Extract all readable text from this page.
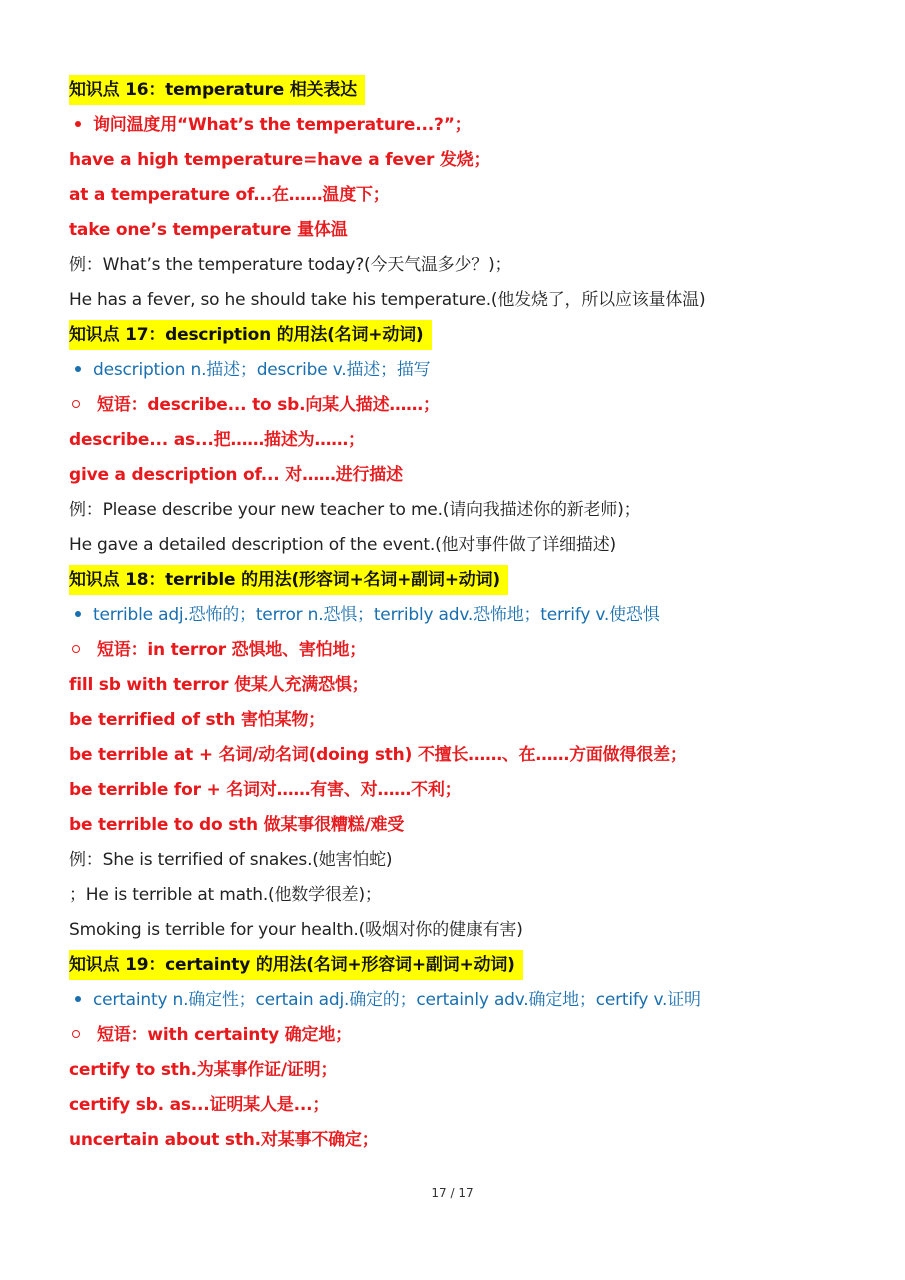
知识点 16：temperature 相关表达
询问温度用“What’s the temperature...?”；
have a high temperature=have a fever 发烧；
at a temperature of...在……温度下；
take one’s temperature 量体温
例：What’s the temperature today?(今天气温多少？)；
He has a fever, so he should take his temperature.(他发烧了，所以应该量体温)
知识点 17：description 的用法(名词+动词)
description n.描述；describe v.描述；描写
短语：describe... to sb.向某人描述……；
describe... as...把……描述为……；
give a description of... 对……进行描述
例：Please describe your new teacher to me.(请向我描述你的新老师)；
He gave a detailed description of the event.(他对事件做了详细描述)
知识点 18：terrible 的用法(形容词+名词+副词+动词)
terrible adj.恐怖的；terror n.恐惧；terribly adv.恐怖地；terrify v.使恐惧
短语：in terror 恐惧地、害怕地；
fill sb with terror 使某人充满恐惧；
be terrified of sth 害怕某物；
be terrible at + 名词/动名词(doing sth) 不擅长……、在……方面做得很差；
be terrible for + 名词对……有害、对……不利；
be terrible to do sth 做某事很糟糕/难受
例：She is terrified of snakes.(她害怕蛇)
；He is terrible at math.(他数学很差)；
Smoking is terrible for your health.(吸烟对你的健康有害)
知识点 19：certainty 的用法(名词+形容词+副词+动词)
certainty n.确定性；certain adj.确定的；certainly adv.确定地；certify v.证明
短语：with certainty 确定地；
certify to sth.为某事作证/证明；
certify sb. as...证明某人是...；
uncertain about sth.对某事不确定；
17 / 17
